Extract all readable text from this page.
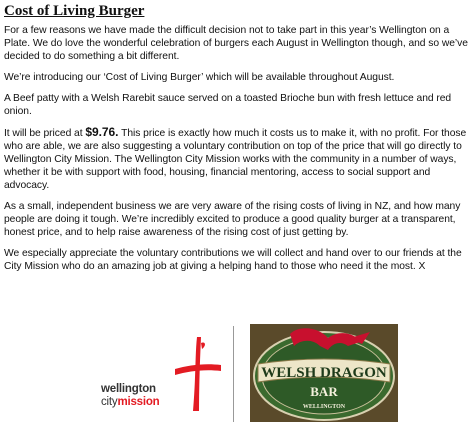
Cost of Living Burger

For a few reasons we have made the difficult decision not to take part in this year’s Wellington on a Plate. We do love the wonderful celebration of burgers each August in Wellington though, and so we’ve decided to do something a bit different.

We’re introducing our ‘Cost of Living Burger’ which will be available throughout August.

A Beef patty with a Welsh Rarebit sauce served on a toasted Brioche bun with fresh lettuce and red onion.

It will be priced at $9.76. This price is exactly how much it costs us to make it, with no profit. For those who are able, we are also suggesting a voluntary contribution on top of the price that will go directly to Wellington City Mission. The Wellington City Mission works with the community in a number of ways, whether it be with support with food, housing, financial mentoring, access to social support and advocacy.

As a small, independent business we are very aware of the rising costs of living in NZ, and how many people are doing it tough. We’re incredibly excited to produce a good quality burger at a transparent, honest price, and to help raise awareness of the rising cost of just getting by.

We especially appreciate the voluntary contributions we will collect and hand over to our friends at the City Mission who do an amazing job at giving a helping hand to those who need it the most. X

wellington
citymission
WELSH DRAGON
BAR
WELLINGTON
